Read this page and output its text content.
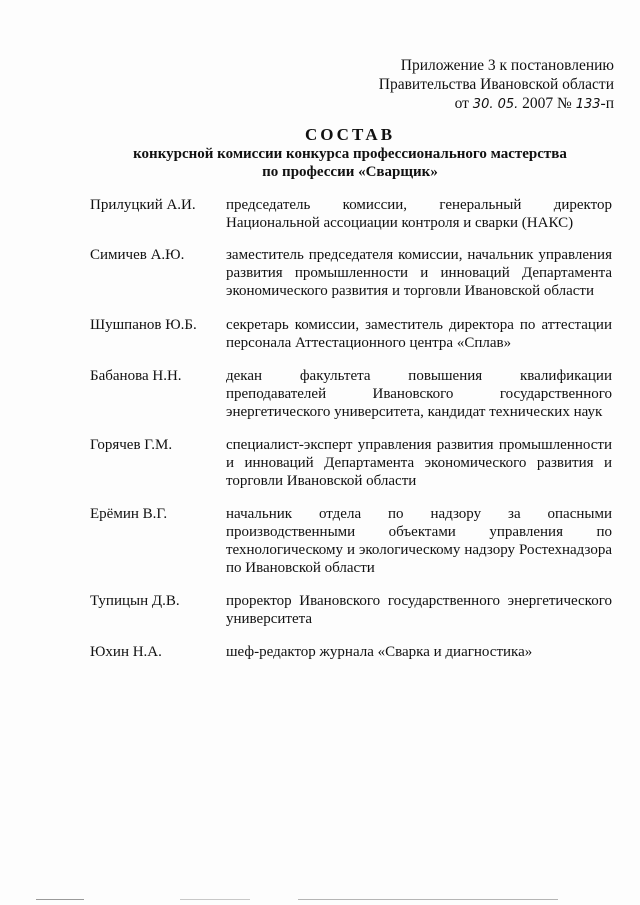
Приложение 3 к постановлению
Правительства Ивановской области
от 30. 05. 2007 № 133-п
СОСТАВ
конкурсной комиссии конкурса профессионального мастерства
по профессии «Сварщик»
Прилуцкий А.И.	председатель комиссии, генеральный директор Национальной ассоциации контроля и сварки (НАКС)
Симичев А.Ю.	заместитель председателя комиссии, начальник управления развития промышленности и инноваций Департамента экономического развития и торговли Ивановской области
Шушпанов Ю.Б.	секретарь комиссии, заместитель директора по аттестации персонала Аттестационного центра «Сплав»
Бабанова Н.Н.	декан факультета повышения квалификации преподавателей Ивановского государственного энергетического университета, кандидат технических наук
Горячев Г.М.	специалист-эксперт управления развития промышленности и инноваций Департамента экономического развития и торговли Ивановской области
Ерёмин В.Г.	начальник отдела по надзору за опасными производственными объектами управления по технологическому и экологическому надзору Ростехнадзора по Ивановской области
Тупицын Д.В.	проректор Ивановского государственного энергетического университета
Юхин Н.А.	шеф-редактор журнала «Сварка и диагностика»
